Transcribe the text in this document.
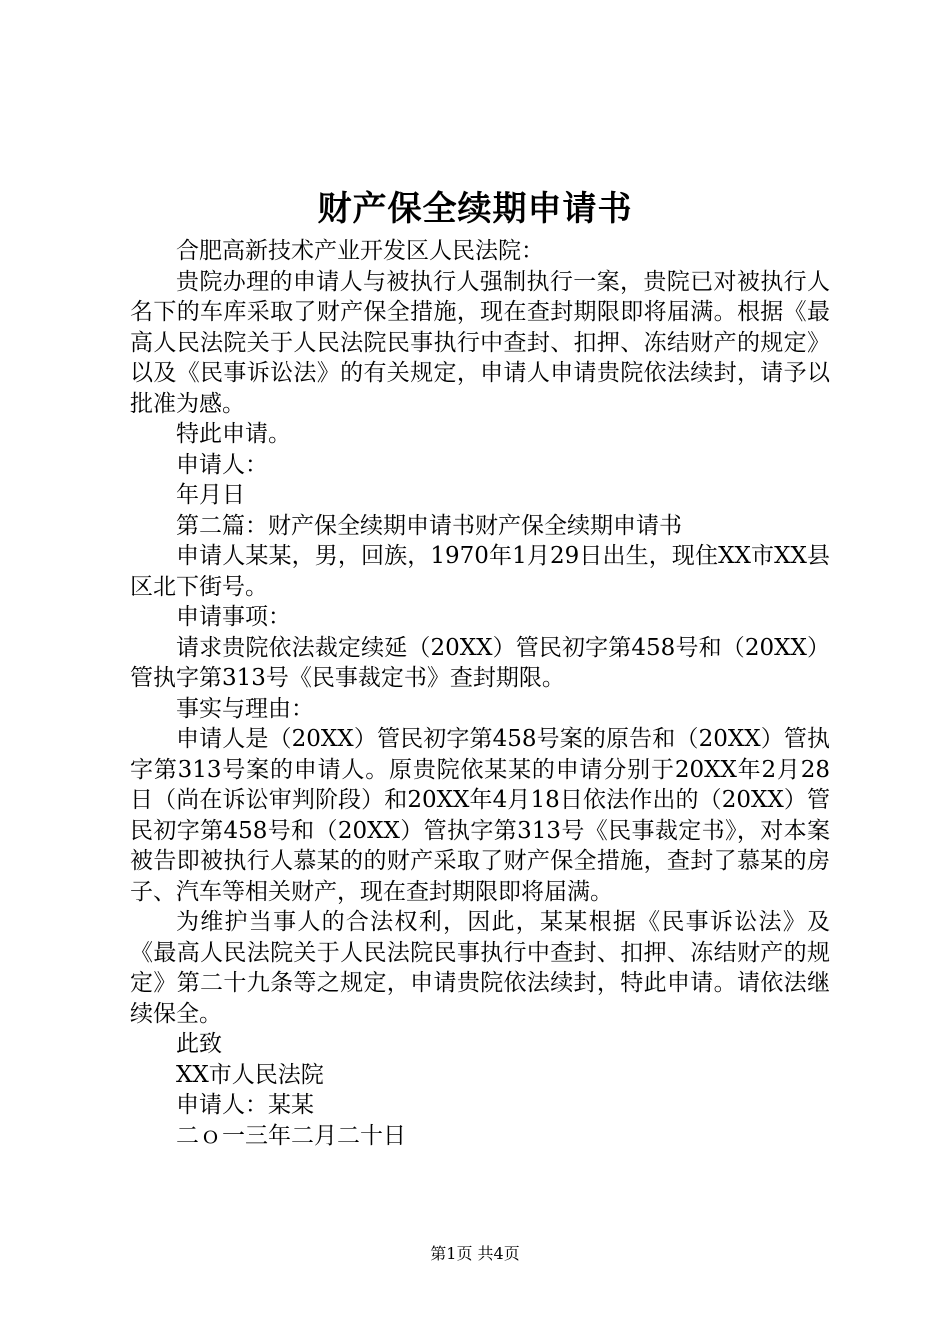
财产保全续期申请书

合肥高新技术产业开发区人民法院：

贵院办理的申请人与被执行人强制执行一案，贵院已对被执行人名下的车库采取了财产保全措施，现在查封期限即将届满。根据《最高人民法院关于人民法院民事执行中查封、扣押、冻结财产的规定》以及《民事诉讼法》的有关规定，申请人申请贵院依法续封，请予以批准为感。

特此申请。

申请人：

年月日

第二篇：财产保全续期申请书财产保全续期申请书

申请人某某，男，回族，1970年1月29日出生，现住XX市XX县区北下街号。

申请事项：

请求贵院依法裁定续延（20XX）管民初字第458号和（20XX）管执字第313号《民事裁定书》查封期限。

事实与理由：

申请人是（20XX）管民初字第458号案的原告和（20XX）管执字第313号案的申请人。原贵院依某某的申请分别于20XX年2月28日（尚在诉讼审判阶段）和20XX年4月18日依法作出的（20XX）管民初字第458号和（20XX）管执字第313号《民事裁定书》，对本案被告即被执行人慕某的的财产采取了财产保全措施，查封了慕某的房子、汽车等相关财产，现在查封期限即将届满。

为维护当事人的合法权利，因此，某某根据《民事诉讼法》及《最高人民法院关于人民法院民事执行中查封、扣押、冻结财产的规定》第二十九条等之规定，申请贵院依法续封，特此申请。请依法继续保全。

此致

XX市人民法院

申请人：某某

二ｏ一三年二月二十日

第1页 共4页
